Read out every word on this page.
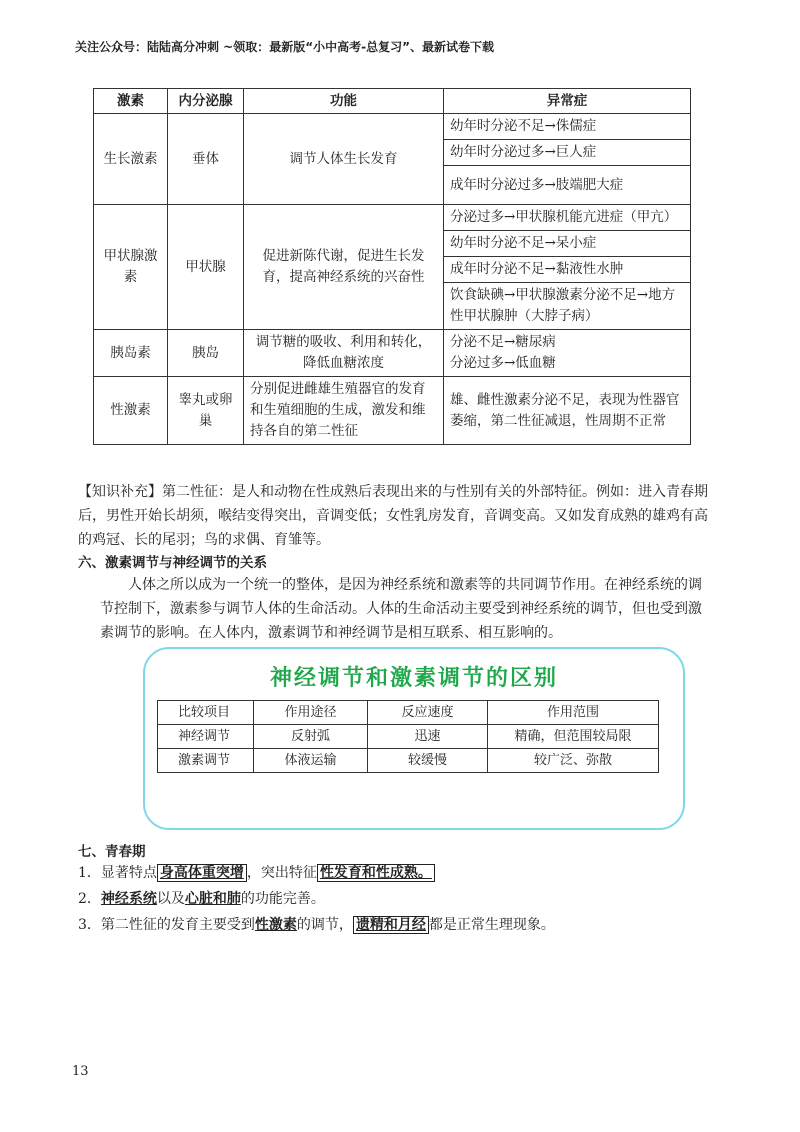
关注公众号：陆陆高分冲刺 ~领取：最新版“小中高考-总复习”、最新试卷下载
激素	内分泌腺	功能	异常症
生长激素	垂体	调节人体生长发育	幼年时分泌不足→侏儒症
			幼年时分泌过多→巨人症
			成年时分泌过多→肢端肥大症
甲状腺激素	甲状腺	促进新陈代谢，促进生长发育，提高神经系统的兴奋性	分泌过多→甲状腺机能亢进症（甲亢）
			幼年时分泌不足→呆小症
			成年时分泌不足→黏液性水肿
			饮食缺碘→甲状腺激素分泌不足→地方性甲状腺肿（大脖子病）
胰岛素	胰岛	调节糖的吸收、利用和转化，降低血糖浓度	分泌不足→糖尿病
分泌过多→低血糖

性激素	睾丸或卵巢	分别促进雌雄生殖器官的发育和生殖细胞的生成，激发和维持各自的第二性征	雄、雌性激素分泌不足，表现为性器官萎缩，第二性征减退，性周期不正常
【知识补充】第二性征：是人和动物在性成熟后表现出来的与性别有关的外部特征。例如：进入青春期后，男性开始长胡须，喉结变得突出，音调变低；女性乳房发育，音调变高。又如发育成熟的雄鸡有高的鸡冠、长的尾羽；鸟的求偶、育雏等。
六、激素调节与神经调节的关系
人体之所以成为一个统一的整体，是因为神经系统和激素等的共同调节作用。在神经系统的调节控制下，激素参与调节人体的生命活动。人体的生命活动主要受到神经系统的调节，但也受到激素调节的影响。在人体内，激素调节和神经调节是相互联系、相互影响的。
神经调节和激素调节的区别
比较项目	作用途径	反应速度	作用范围
神经调节	反射弧	迅速	精确，但范围较局限
激素调节	体液运输	较缓慢	较广泛、弥散
七、青春期
1．显著特点 身高体重突增 ，突出特征 性发育和性成熟。
2．神经系统以及心脏和肺的功能完善。
3．第二性征的发育主要受到性激素的调节， 遗精和月经 都是正常生理现象。
13
